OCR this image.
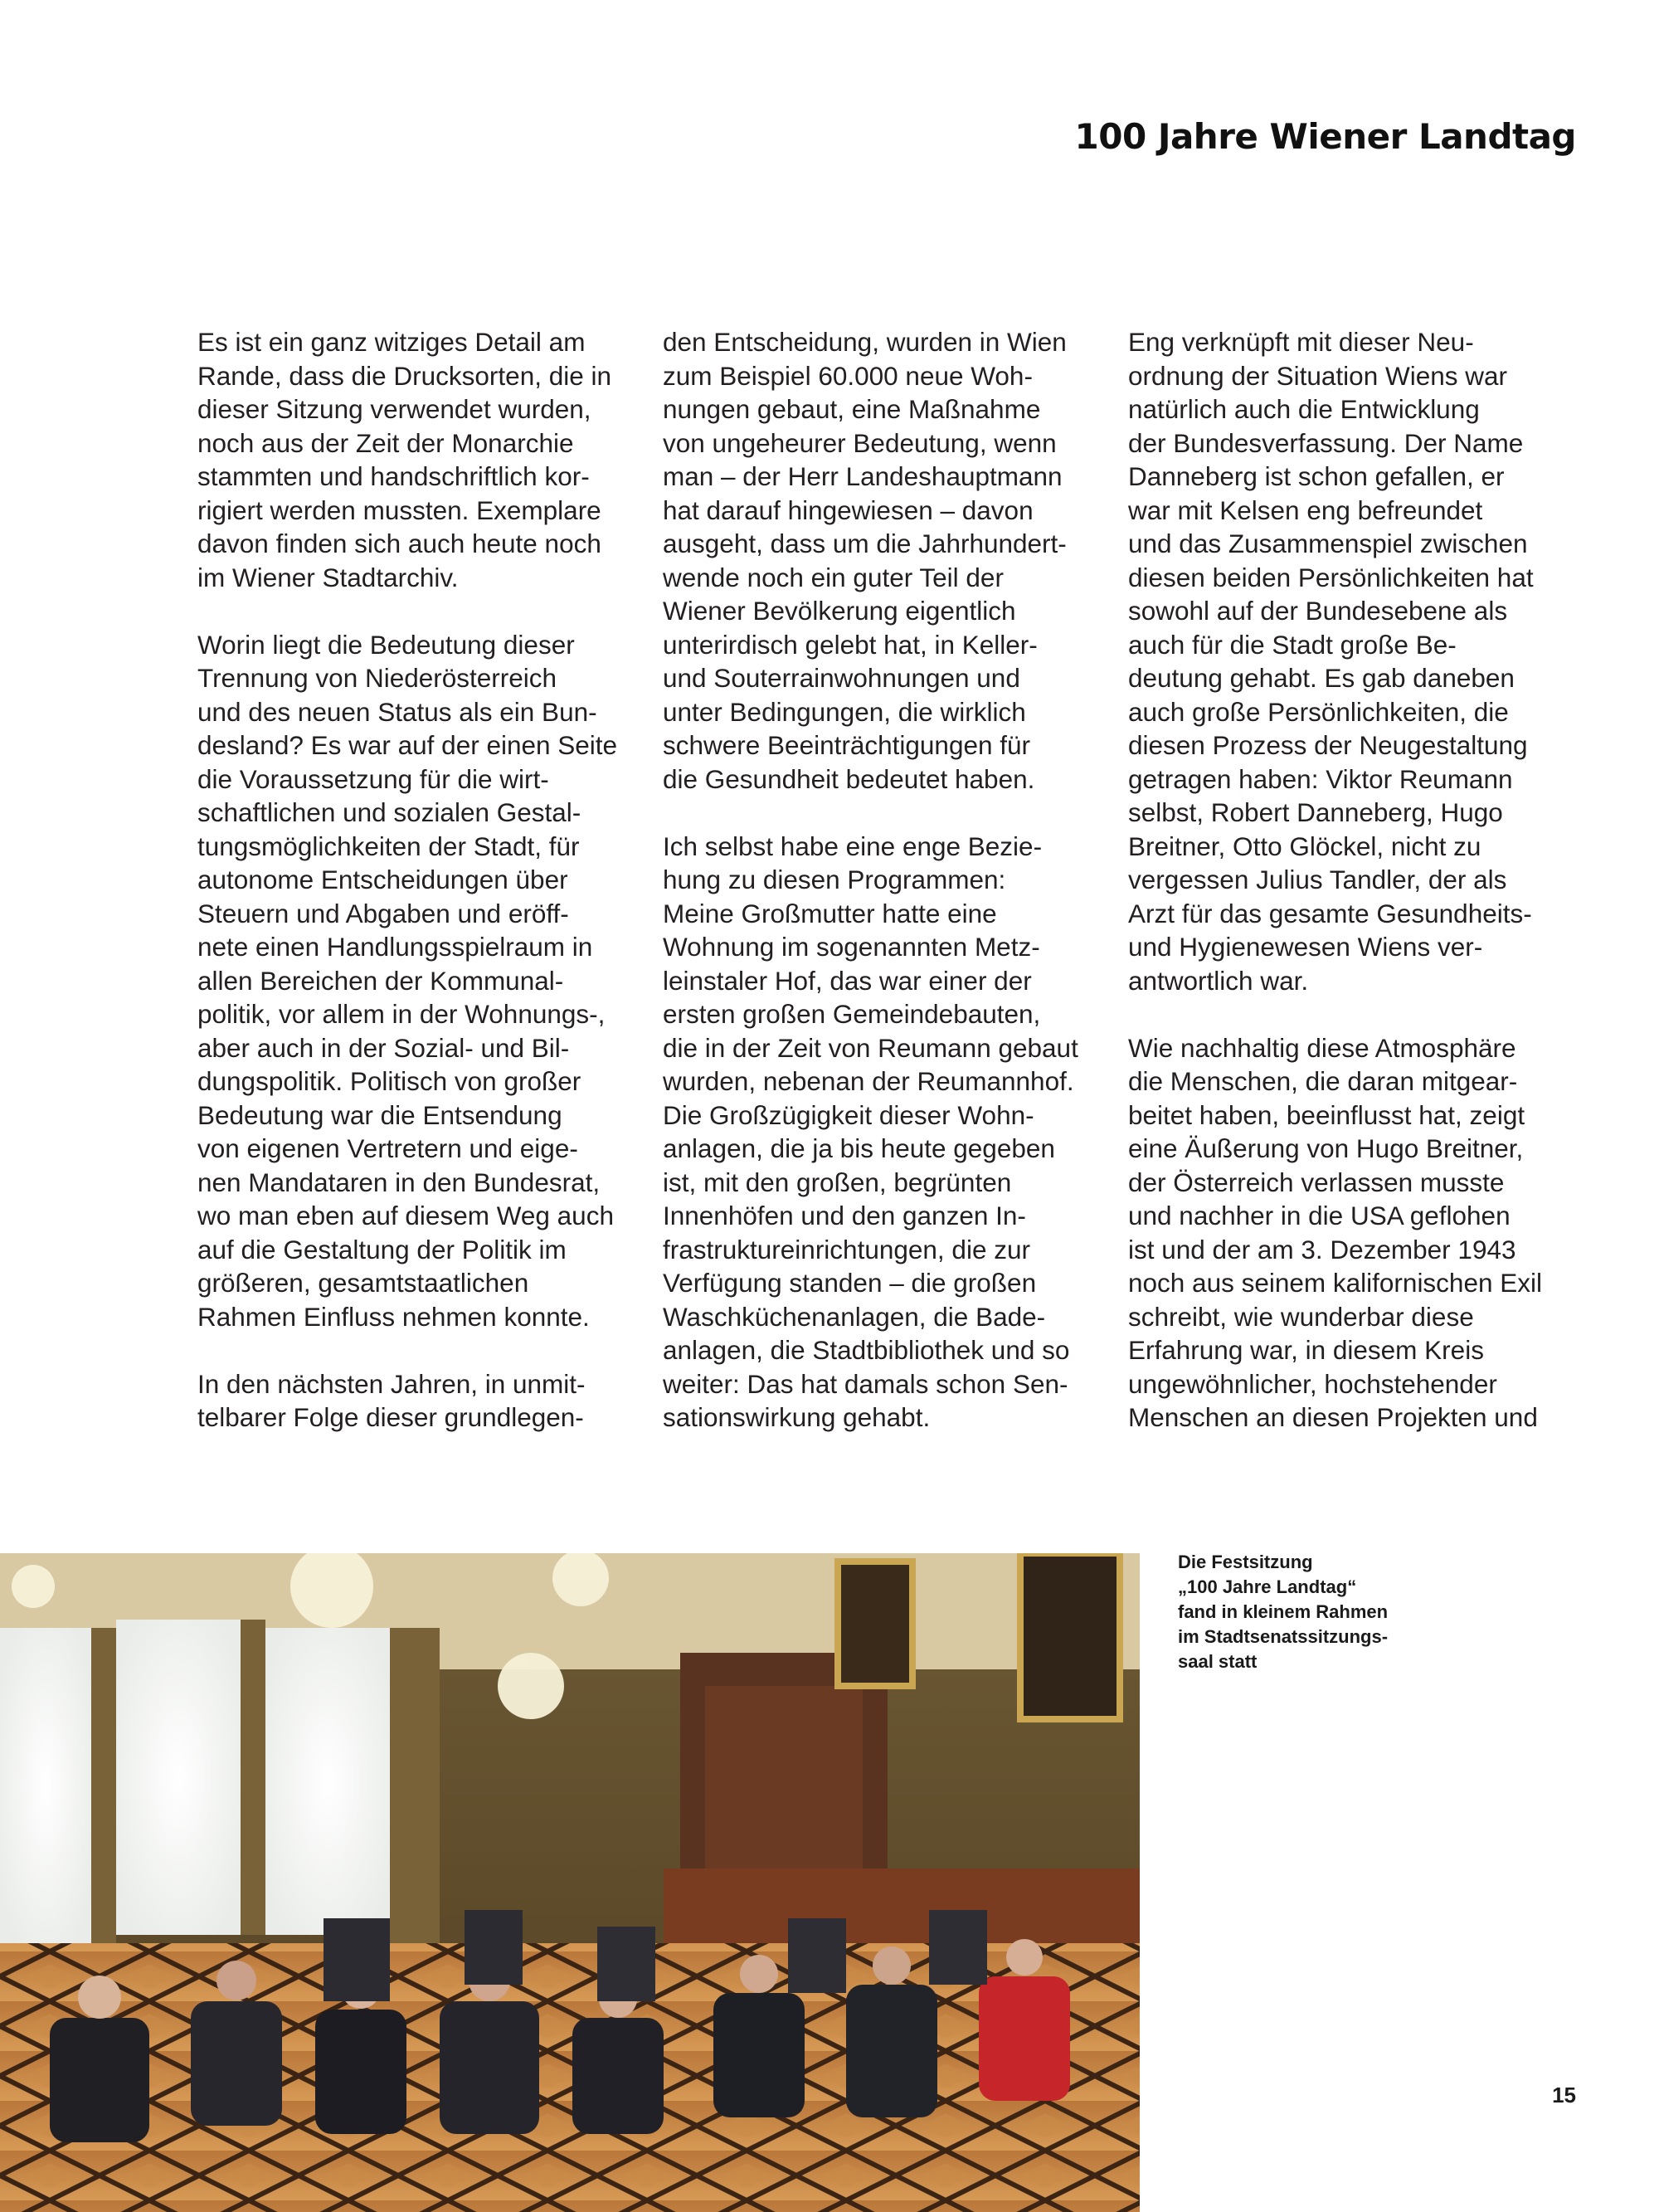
100 Jahre Wiener Landtag

Es ist ein ganz witziges Detail am
Rande, dass die Drucksorten, die in
dieser Sitzung verwendet wurden,
noch aus der Zeit der Monarchie
stammten und handschriftlich kor-
rigiert werden mussten. Exemplare
davon finden sich auch heute noch
im Wiener Stadtarchiv.

Worin liegt die Bedeutung dieser
Trennung von Niederösterreich
und des neuen Status als ein Bun-
desland? Es war auf der einen Seite
die Voraussetzung für die wirt-
schaftlichen und sozialen Gestal-
tungsmöglichkeiten der Stadt, für
autonome Entscheidungen über
Steuern und Abgaben und eröff-
nete einen Handlungsspielraum in
allen Bereichen der Kommunal-
politik, vor allem in der Wohnungs-,
aber auch in der Sozial- und Bil-
dungspolitik. Politisch von großer
Bedeutung war die Entsendung
von eigenen Vertretern und eige-
nen Mandataren in den Bundesrat,
wo man eben auf diesem Weg auch
auf die Gestaltung der Politik im
größeren, gesamtstaatlichen
Rahmen Einfluss nehmen konnte.

In den nächsten Jahren, in unmit-
telbarer Folge dieser grundlegen-

den Entscheidung, wurden in Wien
zum Beispiel 60.000 neue Woh-
nungen gebaut, eine Maßnahme
von ungeheurer Bedeutung, wenn
man – der Herr Landeshauptmann
hat darauf hingewiesen – davon
ausgeht, dass um die Jahrhundert-
wende noch ein guter Teil der
Wiener Bevölkerung eigentlich
unterirdisch gelebt hat, in Keller-
und Souterrainwohnungen und
unter Bedingungen, die wirklich
schwere Beeinträchtigungen für
die Gesundheit bedeutet haben.

Ich selbst habe eine enge Bezie-
hung zu diesen Programmen:
Meine Großmutter hatte eine
Wohnung im sogenannten Metz-
leinstaler Hof, das war einer der
ersten großen Gemeindebauten,
die in der Zeit von Reumann gebaut
wurden, nebenan der Reumannhof.
Die Großzügigkeit dieser Wohn-
anlagen, die ja bis heute gegeben
ist, mit den großen, begrünten
Innenhöfen und den ganzen In-
frastruktureinrichtungen, die zur
Verfügung standen – die großen
Waschküchenanlagen, die Bade-
anlagen, die Stadtbibliothek und so
weiter: Das hat damals schon Sen-
sationswirkung gehabt.

Eng verknüpft mit dieser Neu-
ordnung der Situation Wiens war
natürlich auch die Entwicklung
der Bundesverfassung. Der Name
Danneberg ist schon gefallen, er
war mit Kelsen eng befreundet
und das Zusammenspiel zwischen
diesen beiden Persönlichkeiten hat
sowohl auf der Bundesebene als
auch für die Stadt große Be-
deutung gehabt. Es gab daneben
auch große Persönlichkeiten, die
diesen Prozess der Neugestaltung
getragen haben: Viktor Reumann
selbst, Robert Danneberg, Hugo
Breitner, Otto Glöckel, nicht zu
vergessen Julius Tandler, der als
Arzt für das gesamte Gesundheits-
und Hygienewesen Wiens ver-
antwortlich war.

Wie nachhaltig diese Atmosphäre
die Menschen, die daran mitgear-
beitet haben, beeinflusst hat, zeigt
eine Äußerung von Hugo Breitner,
der Österreich verlassen musste
und nachher in die USA geflohen
ist und der am 3. Dezember 1943
noch aus seinem kalifornischen Exil
schreibt, wie wunderbar diese
Erfahrung war, in diesem Kreis
ungewöhnlicher, hochstehender
Menschen an diesen Projekten und

Die Festsitzung
„100 Jahre Landtag“
fand in kleinem Rahmen
im Stadtsenatssitzungs-
saal statt
15
